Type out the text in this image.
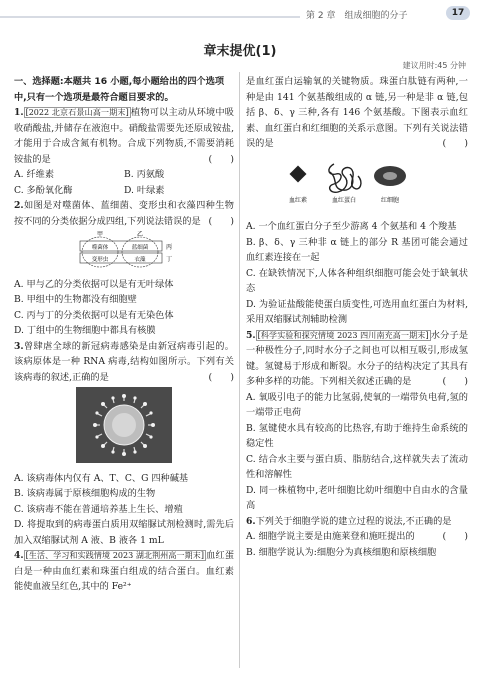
第 2 章　组成细胞的分子	17
章末提优(1)
建议用时:45 分钟

一、选择题:本题共 16 小题,每小题给出的四个选项中,只有一个选项是最符合题目要求的。

1. [2022 北京石景山高一期末] 植物可以主动从环境中吸收硝酸盐,并储存在液泡中。硝酸盐需要先还原成铵盐,才能用于合成含氮有机物。合成下列物质,不需要消耗铵盐的是	(　　)

A. 纤维素	B. 丙氨酸
C. 多酚氧化酶	D. 叶绿素

2.如图是对噬菌体、蓝细菌、变形虫和衣藻四种生物按不同的分类依据分成四组,下列说法错误的是 (　　)

甲	乙
丙
丁
噬菌体	蓝细菌
变形虫	衣藻

A. 甲与乙的分类依据可以是有无叶绿体

B. 甲组中的生物都没有细胞壁

C. 丙与丁的分类依据可以是有无染色体

D. 丁组中的生物细胞中都具有核膜

3.曾肆虐全球的新冠病毒感染是由新冠病毒引起的。该病原体是一种 RNA 病毒,结构如图所示。下列有关该病毒的叙述,正确的是	(　　)

A. 该病毒体内仅有 A、T、C、G 四种碱基

B. 该病毒属于原核细胞构成的生物

C. 该病毒不能在普通培养基上生长、增殖

D. 将提取到的病毒蛋白质用双缩脲试剂检测时,需先后加入双缩脲试剂 A 液、B 液各 1 mL

4. [生活、学习和实践情境 2023 湖北荆州高一期末] 血红蛋白是一种由血红素和珠蛋白组成的结合蛋白。血红素能使血液呈红色,其中的 Fe²⁺

是血红蛋白运输氧的关键物质。珠蛋白肽链有两种,一种是由 141 个氨基酸组成的 α 链,另一种是非 α 链,包括 β、δ、γ 三种,各有 146 个氨基酸。下图表示血红素、血红蛋白和红细胞的关系示意图。下列有关说法错误的是	(　　)

血红素	血红蛋白	红细胞

A. 一个血红蛋白分子至少游离 4 个氨基和 4 个羧基

B. β、δ、γ 三种非 α 链上的部分 R 基团可能会通过血红素连接在一起

C. 在缺铁情况下,人体各种组织细胞可能会处于缺氧状态

D. 为验证盐酸能使蛋白质变性,可选用血红蛋白为材料,采用双缩脲试剂辅助检测

5. [科学实验和探究情境 2023 四川南充高一期末] 水分子是一种极性分子,同时水分子之间也可以相互吸引,形成氢键。氢键易于形成和断裂。水分子的结构决定了其具有多种多样的功能。下列相关叙述正确的是	(　　)

A. 氧吸引电子的能力比氢弱,使氧的一端带负电荷,氢的一端带正电荷

B. 氢键使水具有较高的比热容,有助于维持生命系统的稳定性

C. 结合水主要与蛋白质、脂肪结合,这样就失去了流动性和溶解性

D. 同一株植物中,老叶细胞比幼叶细胞中自由水的含量高

6.下列关于细胞学说的建立过程的说法,不正确的是
(　　)

A. 细胞学说主要是由施莱登和施旺提出的

B. 细胞学说认为:细胞分为真核细胞和原核细胞
